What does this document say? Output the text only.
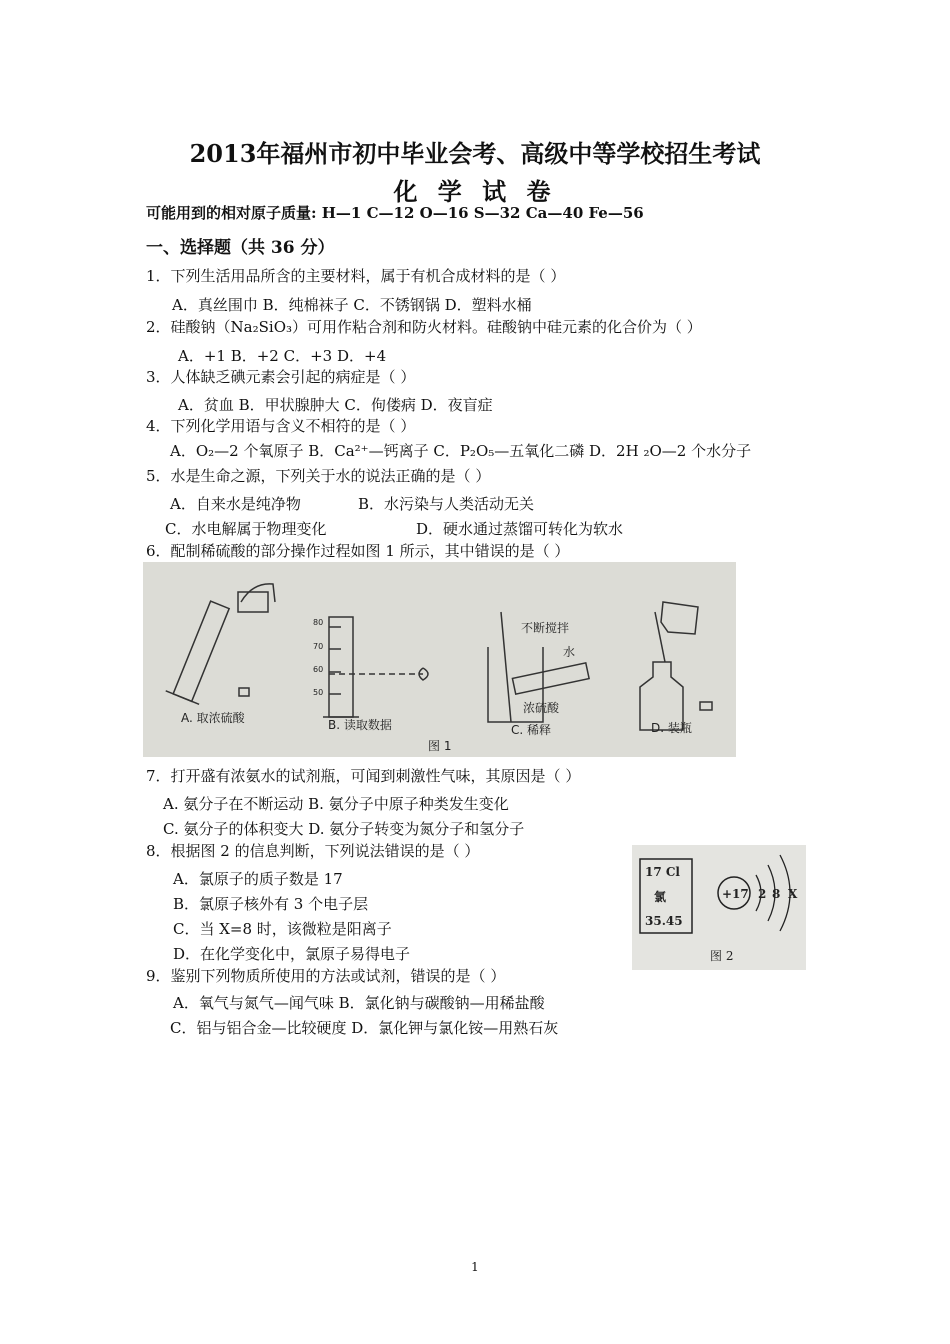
2013年福州市初中毕业会考、高级中等学校招生考试
化 学 试 卷
可能用到的相对原子质量: H—1 C—12 O—16 S—32 Ca—40 Fe—56
一、选择题（共 36 分）
1．下列生活用品所含的主要材料，属于有机合成材料的是（ ）
A．真丝围巾 B．纯棉袜子 C．不锈钢锅 D．塑料水桶
2．硅酸钠（Na₂SiO₃）可用作粘合剂和防火材料。硅酸钠中硅元素的化合价为（ ）
A．+1 B．+2 C．+3 D．+4
3．人体缺乏碘元素会引起的病症是（ ）
A．贫血 B．甲状腺肿大 C．佝偻病 D．夜盲症
4．下列化学用语与含义不相符的是（ ）
A．O₂—2 个氧原子 B．Ca²⁺—钙离子 C．P₂O₅—五氧化二磷 D．2H ₂O—2 个水分子
5．水是生命之源，下列关于水的说法正确的是（ ）
A．自来水是纯净物	B．水污染与人类活动无关
C．水电解属于物理变化	D．硬水通过蒸馏可转化为软水
6．配制稀硫酸的部分操作过程如图 1 所示，其中错误的是（ ）
A. 取浓硫酸	B. 读取数据	C. 稀释	D. 装瓶
图 1
80
70
60
50
不断搅拌
水
浓硫酸
7．打开盛有浓氨水的试剂瓶，可闻到刺激性气味，其原因是（ ）
A. 氨分子在不断运动 B. 氨分子中原子种类发生变化
C. 氨分子的体积变大 D. 氨分子转变为氮分子和氢分子
8．根据图 2 的信息判断，下列说法错误的是（ ）
A．氯原子的质子数是 17
B．氯原子核外有 3 个电子层
C．当 X=8 时，该微粒是阳离子
D．在化学变化中，氯原子易得电子
17 Cl
氯
35.45
+17 2 8 X
图 2
9．鉴别下列物质所使用的方法或试剂，错误的是（ ）
A．氧气与氮气—闻气味 B．氯化钠与碳酸钠—用稀盐酸
C．铝与铝合金—比较硬度 D．氯化钾与氯化铵—用熟石灰
1
